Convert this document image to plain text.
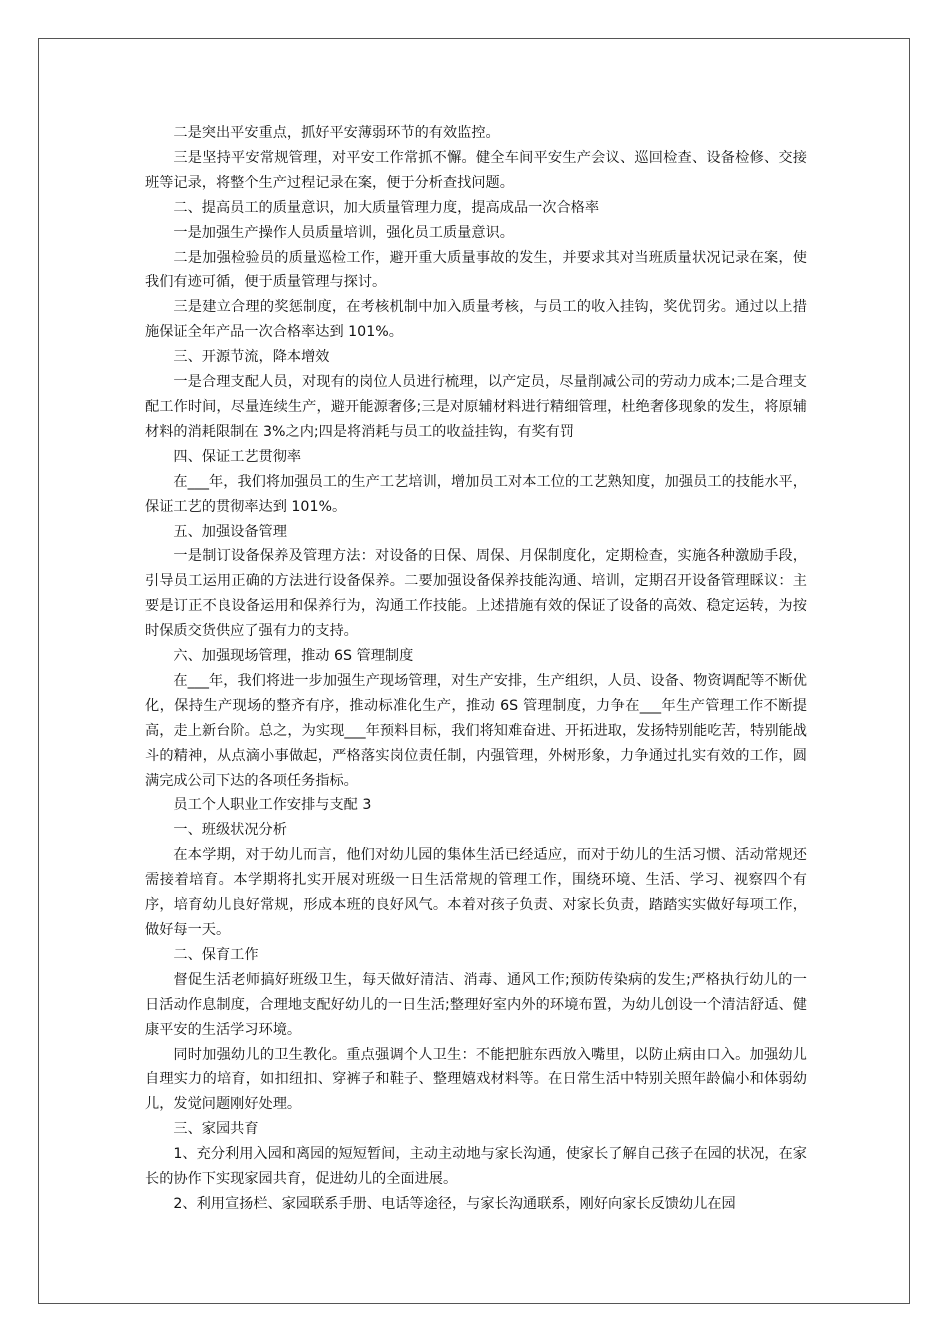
二是突出平安重点，抓好平安薄弱环节的有效监控。

三是坚持平安常规管理，对平安工作常抓不懈。健全车间平安生产会议、巡回检查、设备检修、交接班等记录，将整个生产过程记录在案，便于分析查找问题。

二、提高员工的质量意识，加大质量管理力度，提高成品一次合格率

一是加强生产操作人员质量培训，强化员工质量意识。

二是加强检验员的质量巡检工作，避开重大质量事故的发生，并要求其对当班质量状况记录在案，使我们有迹可循，便于质量管理与探讨。

三是建立合理的奖惩制度，在考核机制中加入质量考核，与员工的收入挂钩，奖优罚劣。通过以上措施保证全年产品一次合格率达到 101%。

三、开源节流，降本增效

一是合理支配人员，对现有的岗位人员进行梳理，以产定员，尽量削减公司的劳动力成本;二是合理支配工作时间，尽量连续生产，避开能源奢侈;三是对原辅材料进行精细管理，杜绝奢侈现象的发生，将原辅材料的消耗限制在 3%之内;四是将消耗与员工的收益挂钩，有奖有罚

四、保证工艺贯彻率

在___年，我们将加强员工的生产工艺培训，增加员工对本工位的工艺熟知度，加强员工的技能水平，保证工艺的贯彻率达到 101%。

五、加强设备管理

一是制订设备保养及管理方法：对设备的日保、周保、月保制度化，定期检查，实施各种激励手段，引导员工运用正确的方法进行设备保养。二要加强设备保养技能沟通、培训，定期召开设备管理睬议：主要是订正不良设备运用和保养行为，沟通工作技能。上述措施有效的保证了设备的高效、稳定运转，为按时保质交货供应了强有力的支持。

六、加强现场管理，推动 6S 管理制度

在___年，我们将进一步加强生产现场管理，对生产安排，生产组织，人员、设备、物资调配等不断优化，保持生产现场的整齐有序，推动标准化生产，推动 6S 管理制度，力争在___年生产管理工作不断提高，走上新台阶。总之，为实现___年预料目标，我们将知难奋进、开拓进取，发扬特别能吃苦，特别能战斗的精神，从点滴小事做起，严格落实岗位责任制，内强管理，外树形象，力争通过扎实有效的工作，圆满完成公司下达的各项任务指标。

员工个人职业工作安排与支配 3

一、班级状况分析

在本学期，对于幼儿而言，他们对幼儿园的集体生活已经适应，而对于幼儿的生活习惯、活动常规还需接着培育。本学期将扎实开展对班级一日生活常规的管理工作，围绕环境、生活、学习、视察四个有序，培育幼儿良好常规，形成本班的良好风气。本着对孩子负责、对家长负责，踏踏实实做好每项工作，做好每一天。

二、保育工作

督促生活老师搞好班级卫生，每天做好清洁、消毒、通风工作;预防传染病的发生;严格执行幼儿的一日活动作息制度，合理地支配好幼儿的一日生活;整理好室内外的环境布置，为幼儿创设一个清洁舒适、健康平安的生活学习环境。

同时加强幼儿的卫生教化。重点强调个人卫生：不能把脏东西放入嘴里，以防止病由口入。加强幼儿自理实力的培育，如扣纽扣、穿裤子和鞋子、整理嬉戏材料等。在日常生活中特别关照年龄偏小和体弱幼儿，发觉问题刚好处理。

三、家园共育

1、充分利用入园和离园的短短暂间，主动主动地与家长沟通，使家长了解自己孩子在园的状况，在家长的协作下实现家园共育，促进幼儿的全面进展。

2、利用宣扬栏、家园联系手册、电话等途径，与家长沟通联系，刚好向家长反馈幼儿在园
